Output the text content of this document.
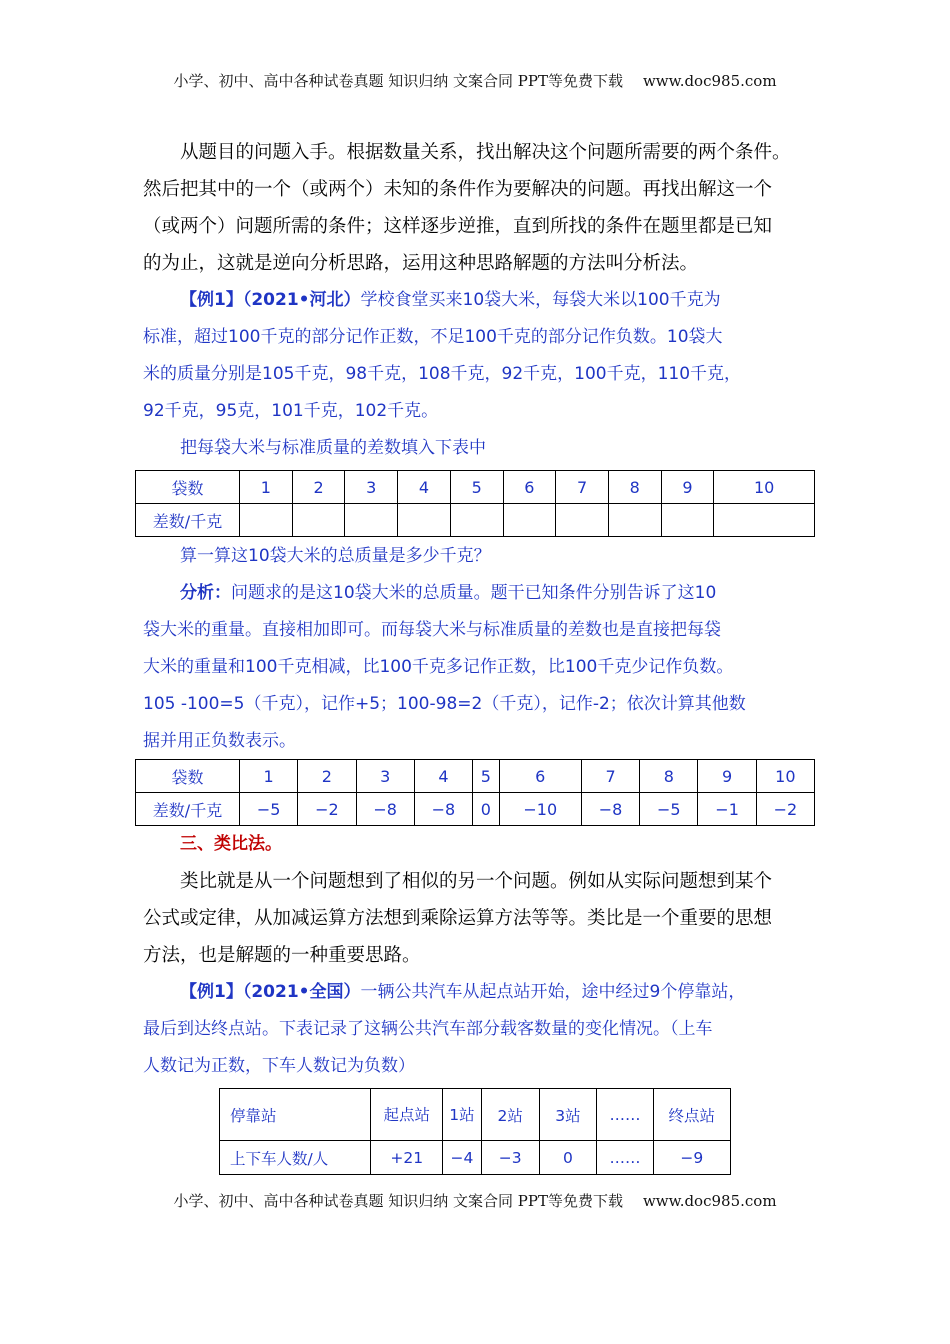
小学、初中、高中各种试卷真题 知识归纳 文案合同 PPT等免费下载 www.doc985.com

从题目的问题入手。根据数量关系，找出解决这个问题所需要的两个条件。

然后把其中的一个（或两个）未知的条件作为要解决的问题。再找出解这一个

（或两个）问题所需的条件；这样逐步逆推，直到所找的条件在题里都是已知

的为止，这就是逆向分析思路，运用这种思路解题的方法叫分析法。

【例1】（2021•河北）学校食堂买来10袋大米，每袋大米以100千克为

标准，超过100千克的部分记作正数，不足100千克的部分记作负数。10袋大

米的质量分别是105千克，98千克，108千克，92千克，100千克，110千克，

92千克，95克，101千克，102千克。

把每袋大米与标准质量的差数填入下表中

袋数	1	2	3	4	5	6	7	8	9	10
差数/千克										

算一算这10袋大米的总质量是多少千克？

分析：问题求的是这10袋大米的总质量。题干已知条件分别告诉了这10

袋大米的重量。直接相加即可。而每袋大米与标准质量的差数也是直接把每袋

大米的重量和100千克相减，比100千克多记作正数，比100千克少记作负数。

105 -100=5（千克），记作+5；100-98=2（千克），记作-2；依次计算其他数

据并用正负数表示。

袋数	1	2	3	4	5	6	7	8	9	10
差数/千克	−5	−2	−8	−8	0	−10	−8	−5	−1	−2

三、类比法。

类比就是从一个问题想到了相似的另一个问题。例如从实际问题想到某个

公式或定律，从加减运算方法想到乘除运算方法等等。类比是一个重要的思想

方法，也是解题的一种重要思路。

【例1】（2021•全国）一辆公共汽车从起点站开始，途中经过9个停靠站，

最后到达终点站。下表记录了这辆公共汽车部分载客数量的变化情况。（上车

人数记为正数，下车人数记为负数）

停靠站	起点站	1站	2站	3站	……	终点站
上下车人数/人	+21	−4	−3	0	……	−9
小学、初中、高中各种试卷真题 知识归纳 文案合同 PPT等免费下载 www.doc985.com
